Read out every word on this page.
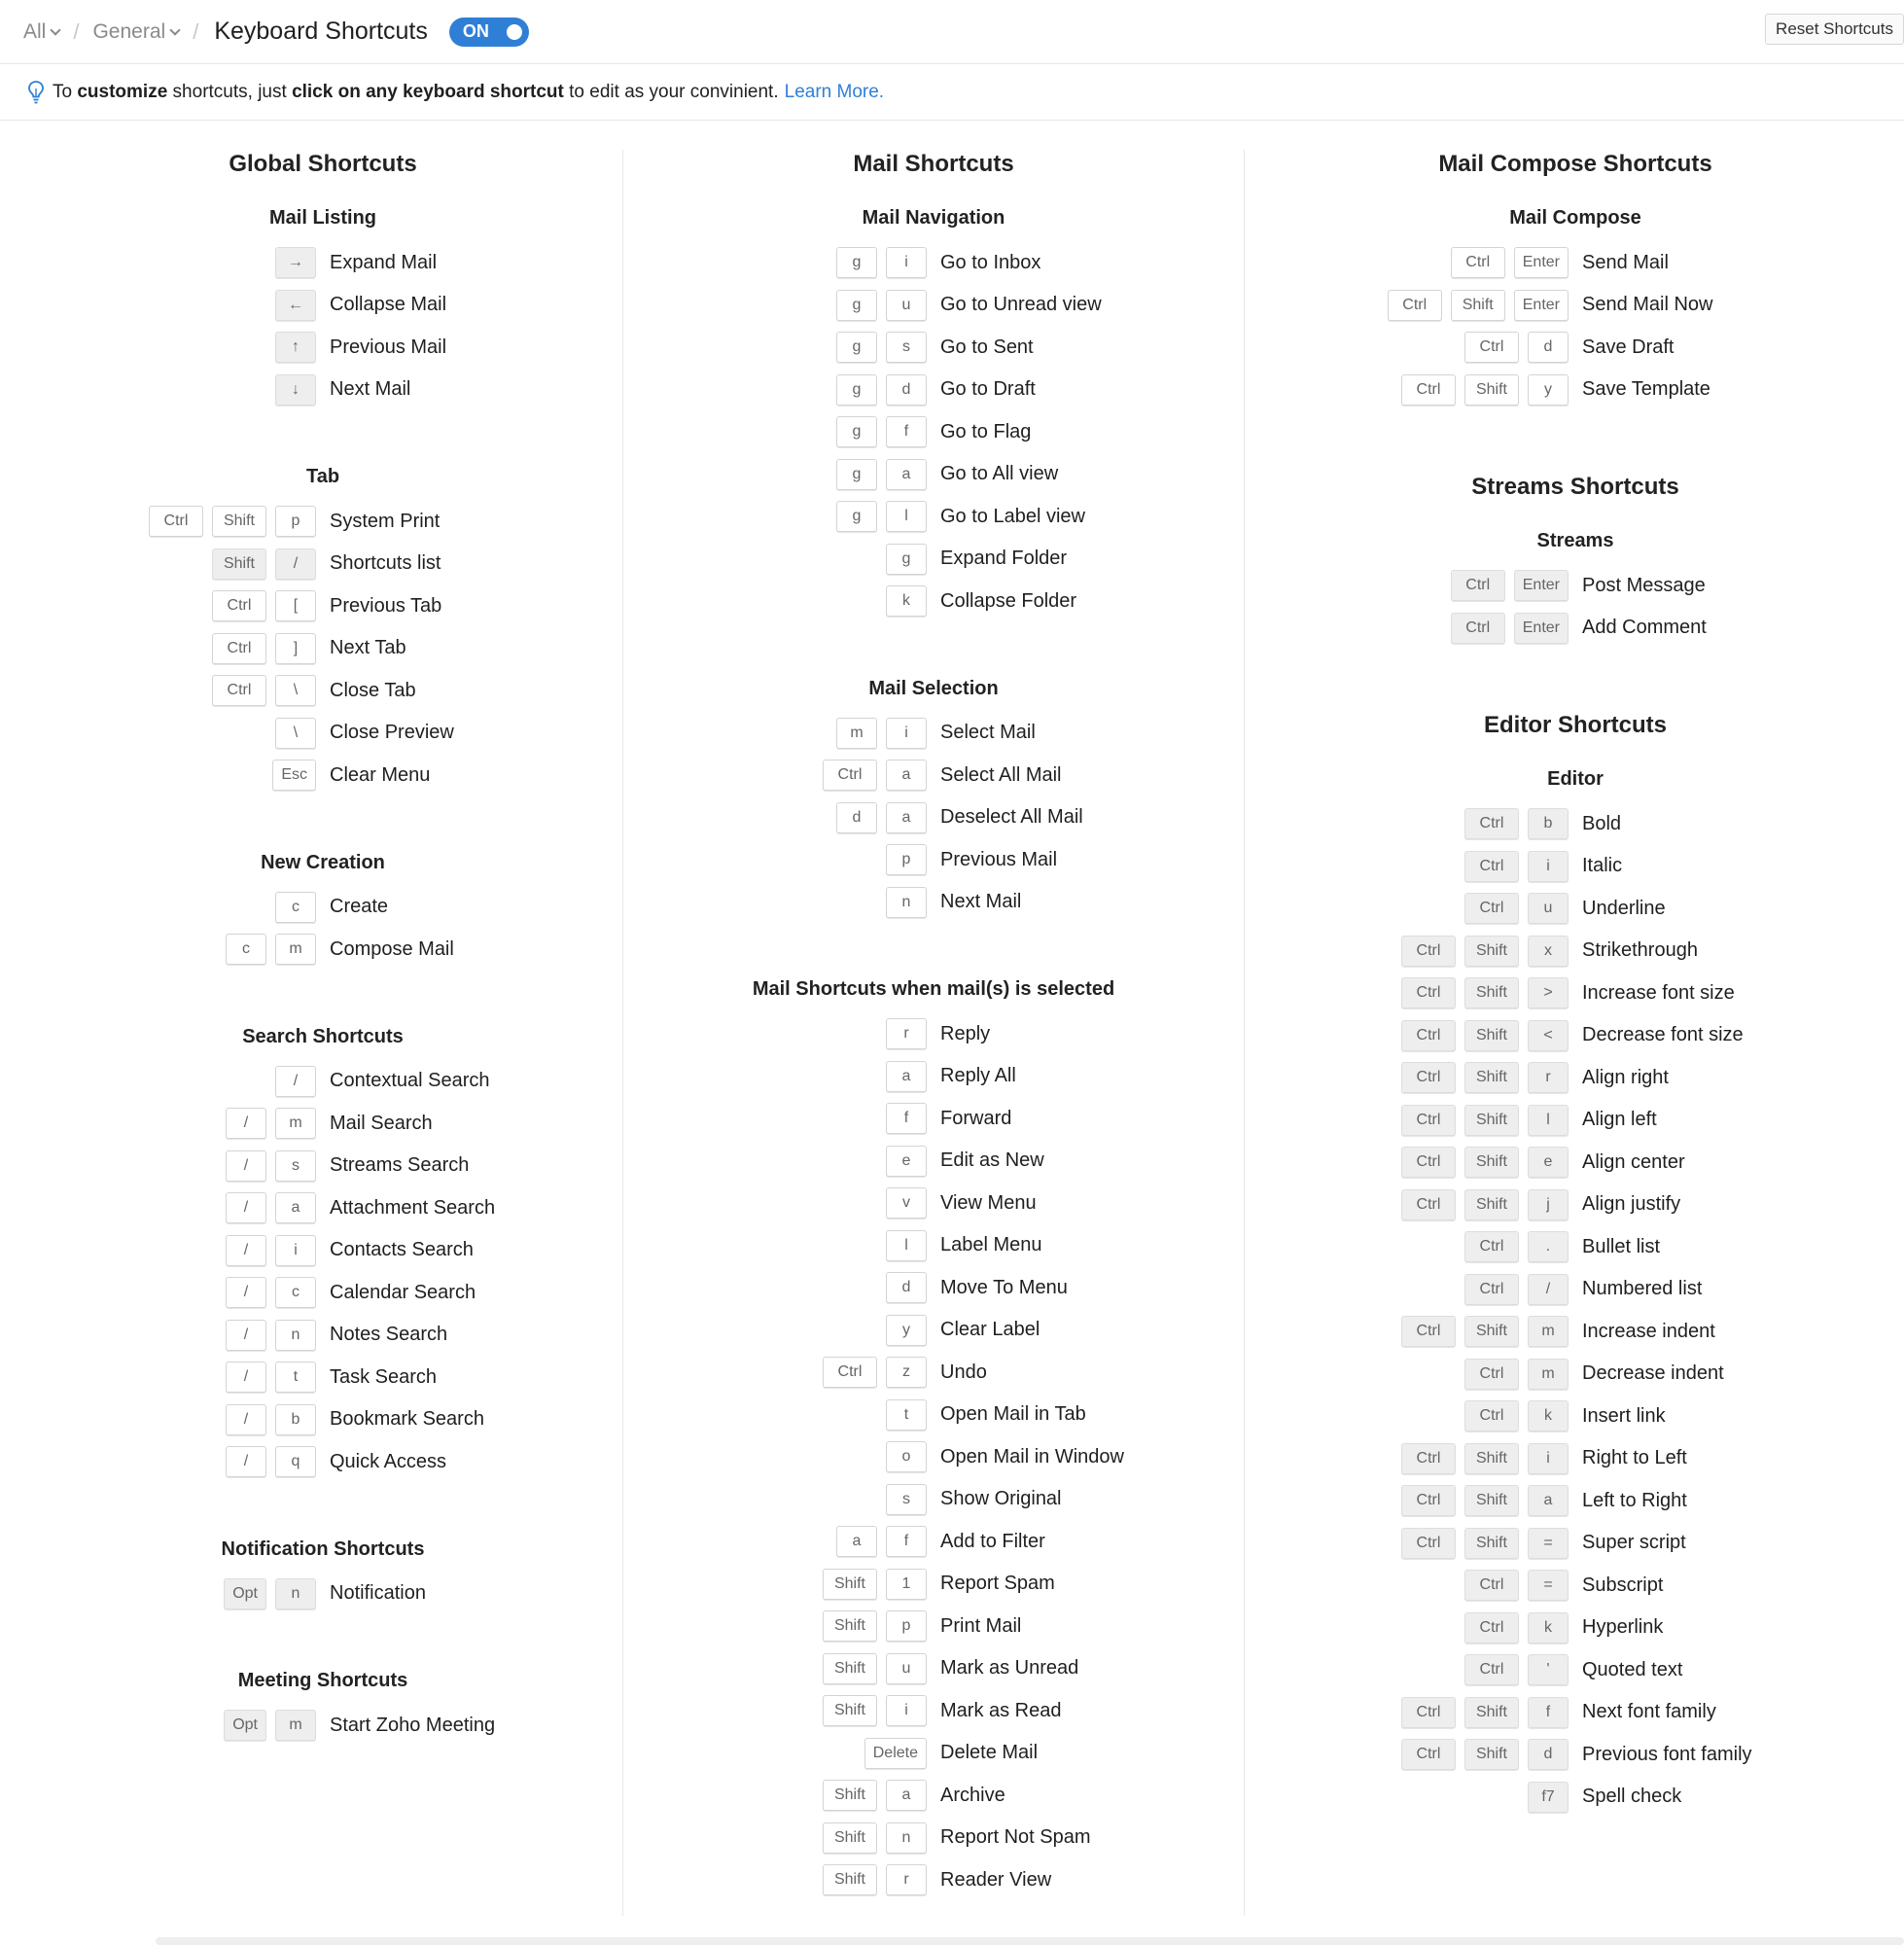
All / General / Keyboard Shortcuts ON	Reset Shortcuts
To customize shortcuts, just click on any keyboard shortcut to edit as your convinient. Learn More.
Global Shortcuts
Mail Listing
→	Expand Mail
←	Collapse Mail
↑	Previous Mail
↓	Next Mail
Tab
Ctrl	Shift	p	System Print
Shift	/	Shortcuts list
Ctrl	[	Previous Tab
Ctrl	]	Next Tab
Ctrl	\	Close Tab
\	Close Preview
Esc	Clear Menu
New Creation
c	Create
c	m	Compose Mail
Search Shortcuts
/	Contextual Search
/	m	Mail Search
/	s	Streams Search
/	a	Attachment Search
/	i	Contacts Search
/	c	Calendar Search
/	n	Notes Search
/	t	Task Search
/	b	Bookmark Search
/	q	Quick Access
Notification Shortcuts
Opt	n	Notification
Meeting Shortcuts
Opt	m	Start Zoho Meeting
Mail Shortcuts
Mail Navigation
g	i	Go to Inbox
g	u	Go to Unread view
g	s	Go to Sent
g	d	Go to Draft
g	f	Go to Flag
g	a	Go to All view
g	l	Go to Label view
g	Expand Folder
k	Collapse Folder
Mail Selection
m	i	Select Mail
Ctrl	a	Select All Mail
d	a	Deselect All Mail
p	Previous Mail
n	Next Mail
Mail Shortcuts when mail(s) is selected
r	Reply
a	Reply All
f	Forward
e	Edit as New
v	View Menu
l	Label Menu
d	Move To Menu
y	Clear Label
Ctrl	z	Undo
t	Open Mail in Tab
o	Open Mail in Window
s	Show Original
a	f	Add to Filter
Shift	1	Report Spam
Shift	p	Print Mail
Shift	u	Mark as Unread
Shift	i	Mark as Read
Delete	Delete Mail
Shift	a	Archive
Shift	n	Report Not Spam
Shift	r	Reader View
Mail Compose Shortcuts
Mail Compose
Ctrl	Enter	Send Mail
Ctrl	Shift	Enter	Send Mail Now
Ctrl	d	Save Draft
Ctrl	Shift	y	Save Template
Streams Shortcuts
Streams
Ctrl	Enter	Post Message
Ctrl	Enter	Add Comment
Editor Shortcuts
Editor
Ctrl	b	Bold
Ctrl	i	Italic
Ctrl	u	Underline
Ctrl	Shift	x	Strikethrough
Ctrl	Shift	>	Increase font size
Ctrl	Shift	<	Decrease font size
Ctrl	Shift	r	Align right
Ctrl	Shift	l	Align left
Ctrl	Shift	e	Align center
Ctrl	Shift	j	Align justify
Ctrl	.	Bullet list
Ctrl	/	Numbered list
Ctrl	Shift	m	Increase indent
Ctrl	m	Decrease indent
Ctrl	k	Insert link
Ctrl	Shift	i	Right to Left
Ctrl	Shift	a	Left to Right
Ctrl	Shift	=	Super script
Ctrl	=	Subscript
Ctrl	k	Hyperlink
Ctrl	'	Quoted text
Ctrl	Shift	f	Next font family
Ctrl	Shift	d	Previous font family
f7	Spell check
